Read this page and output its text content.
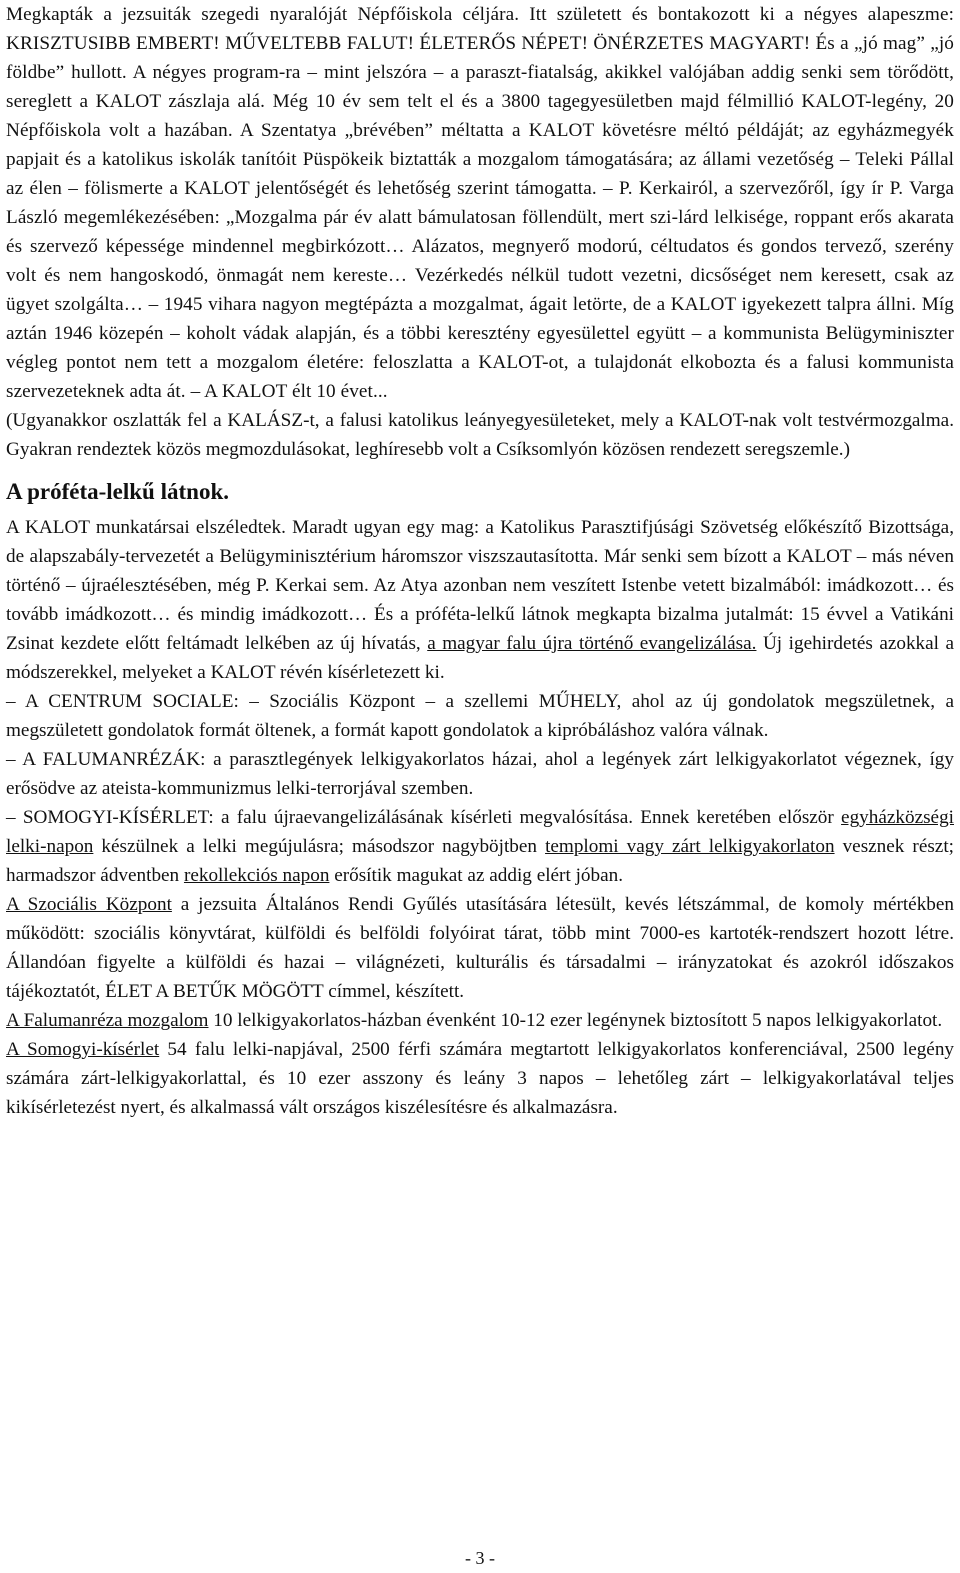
Megkapták a jezsuiták szegedi nyaralóját Népfőiskola céljára. Itt született és bontakozott ki a négyes alapeszme: KRISZTUSIBB EMBERT! MŰVELTEBB FALUT! ÉLETERŐS NÉPET! ÖNÉRZETES MAGYART! És a „jó mag” „jó földbe” hullott. A négyes program-ra – mint jelszóra – a paraszt-fiatalság, akikkel valójában addig senki sem törődött, sereglett a KALOT zászlaja alá. Még 10 év sem telt el és a 3800 tagegyesületben majd félmillió KALOT-legény, 20 Népfőiskola volt a hazában. A Szentatya „brévében” méltatta a KALOT követésre méltó példáját; az egyházmegyék papjait és a katolikus iskolák tanítóit Püspökeik biztatták a mozgalom támogatására; az állami vezetőség – Teleki Pállal az élen – fölismerte a KALOT jelentőségét és lehetőség szerint támogatta. – P. Kerkairól, a szervezőről, így ír P. Varga László megemlékezésében: „Mozgalma pár év alatt bámulatosan föllendült, mert szi-lárd lelkisége, roppant erős akarata és szervező képessége mindennel megbirkózott… Alázatos, megnyerő modorú, céltudatos és gondos tervező, szerény volt és nem hangoskodó, önmagát nem kereste… Vezérkedés nélkül tudott vezetni, dicsőséget nem keresett, csak az ügyet szolgálta… – 1945 vihara nagyon megtépázta a mozgalmat, ágait letörte, de a KALOT igyekezett talpra állni. Míg aztán 1946 közepén – koholt vádak alapján, és a többi keresztény egyesülettel együtt – a kommunista Belügyminiszter végleg pontot nem tett a mozgalom életére: feloszlatta a KALOT-ot, a tulajdonát elkobozta és a falusi kommunista szervezeteknek adta át. – A KALOT élt 10 évet...

(Ugyanakkor oszlatták fel a KALÁSZ-t, a falusi katolikus leányegyesületeket, mely a KALOT-nak volt testvérmozgalma. Gyakran rendeztek közös megmozdulásokat, leghíresebb volt a Csíksomlyón közösen rendezett seregszemle.)

A próféta-lelkű látnok.

A KALOT munkatársai elszéledtek. Maradt ugyan egy mag: a Katolikus Parasztifjúsági Szövetség előkészítő Bizottsága, de alapszabály-tervezetét a Belügyminisztérium háromszor viszszautasította. Már senki sem bízott a KALOT – más néven történő – újraélesztésében, még P. Kerkai sem. Az Atya azonban nem veszített Istenbe vetett bizalmából: imádkozott… és tovább imádkozott… és mindig imádkozott… És a próféta-lelkű látnok megkapta bizalma jutalmát: 15 évvel a Vatikáni Zsinat kezdete előtt feltámadt lelkében az új hívatás, a magyar falu újra történő evangelizálása. Új igehirdetés azokkal a módszerekkel, melyeket a KALOT révén kísérletezett ki.

– A CENTRUM SOCIALE: – Szociális Központ – a szellemi MŰHELY, ahol az új gondolatok megszületnek, a megszületett gondolatok formát öltenek, a formát kapott gondolatok a kipróbáláshoz valóra válnak.

– A FALUMANRÉZÁK: a parasztlegények lelkigyakorlatos házai, ahol a legények zárt lelkigyakorlatot végeznek, így erősödve az ateista-kommunizmus lelki-terrorjával szemben.

– SOMOGYI-KÍSÉRLET: a falu újraevangelizálásának kísérleti megvalósítása. Ennek keretében először egyházközségi lelki-napon készülnek a lelki megújulásra; másodszor nagyböjtben templomi vagy zárt lelkigyakorlaton vesznek részt; harmadszor ádventben rekollekciós napon erősítik magukat az addig elért jóban.

A Szociális Központ a jezsuita Általános Rendi Gyűlés utasítására létesült, kevés létszámmal, de komoly mértékben működött: szociális könyvtárat, külföldi és belföldi folyóirat tárat, több mint 7000-es kartoték-rendszert hozott létre. Állandóan figyelte a külföldi és hazai – világnézeti, kulturális és társadalmi – irányzatokat és azokról időszakos tájékoztatót, ÉLET A BETŰK MÖGÖTT címmel, készített.

A Falumanréza mozgalom 10 lelkigyakorlatos-házban évenként 10-12 ezer legénynek biztosított 5 napos lelkigyakorlatot.

A Somogyi-kísérlet 54 falu lelki-napjával, 2500 férfi számára megtartott lelkigyakorlatos konferenciával, 2500 legény számára zárt-lelkigyakorlattal, és 10 ezer asszony és leány 3 napos – lehetőleg zárt – lelkigyakorlatával teljes kikísérletezést nyert, és alkalmassá vált országos kiszélesítésre és alkalmazásra.

- 3 -
